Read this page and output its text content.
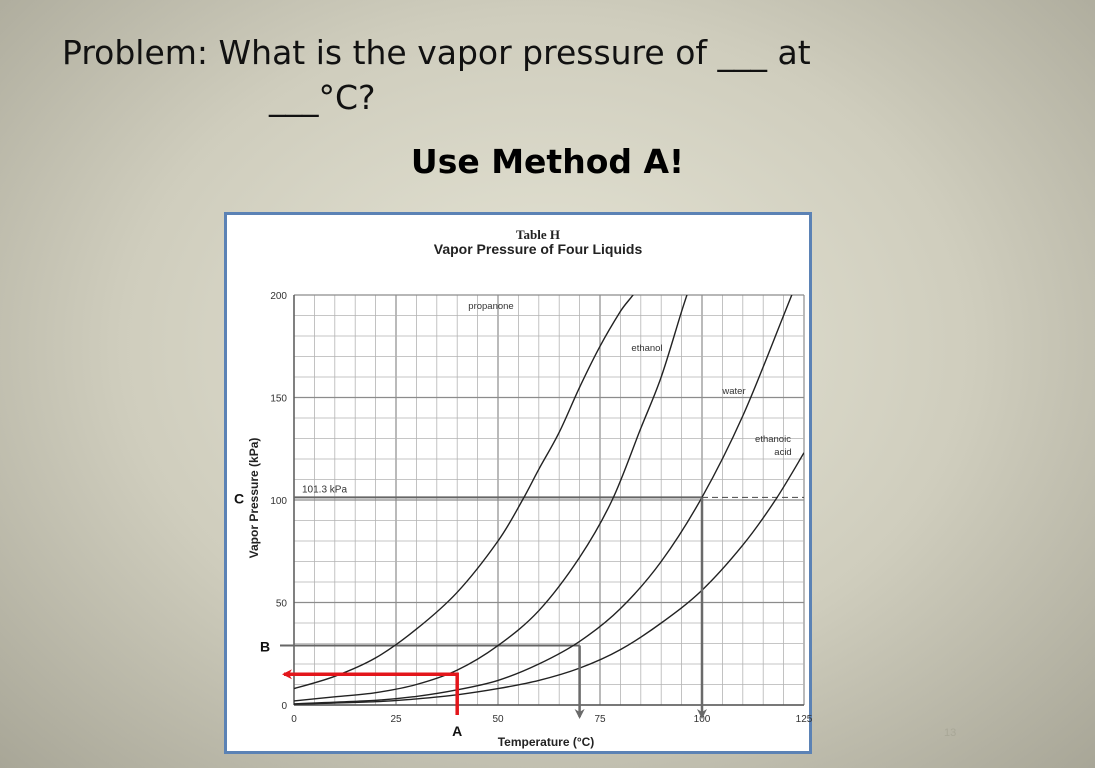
Problem: What is the vapor pressure of ___ at
___°C?
Use Method A!
Table H
Vapor Pressure of Four Liquids
Temperature (°C)
Vapor Pressure (kPa)
0	25	50	75	100	125
0
50
100
150
200
101.3 kPa
propanone
ethanol
water
ethanoic
acid
C
B
A	13
